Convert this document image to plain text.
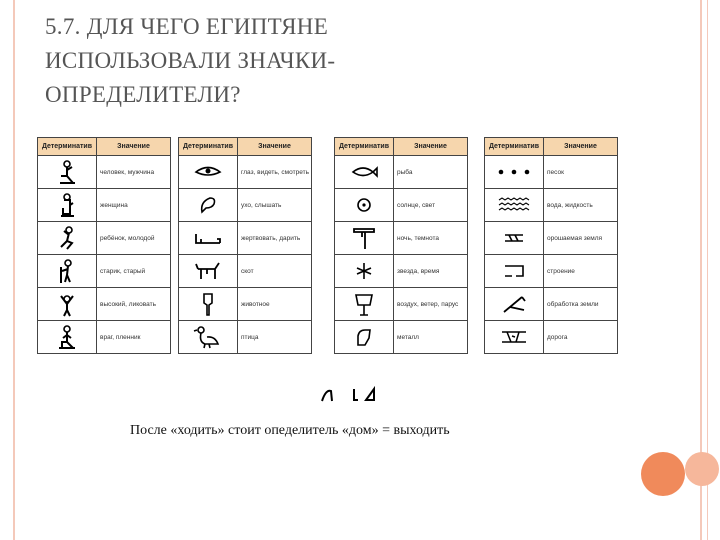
5.7. ДЛЯ ЧЕГО ЕГИПТЯНЕ
ИСПОЛЬЗОВАЛИ ЗНАЧКИ-
ОПРЕДЕЛИТЕЛИ?
Детерминатив	Значение
	человек, мужчина
	женщина
	ребёнок, молодой
	старик, старый
	высокий, ликовать
	враг, пленник
Детерминатив	Значение
	глаз, видеть, смотреть
	ухо, слышать
	жертвовать, дарить
	скот
	животное
	птица
Детерминатив	Значение
	рыба
	солнце, свет
	ночь, темнота
	звезда, время
	воздух, ветер, парус
	металл
Детерминатив	Значение
	песок
	вода, жидкость
	орошаемая земля
	строение
	обработка земли
	дорога
После «ходить» стоит опеделитель «дом» = выходить
